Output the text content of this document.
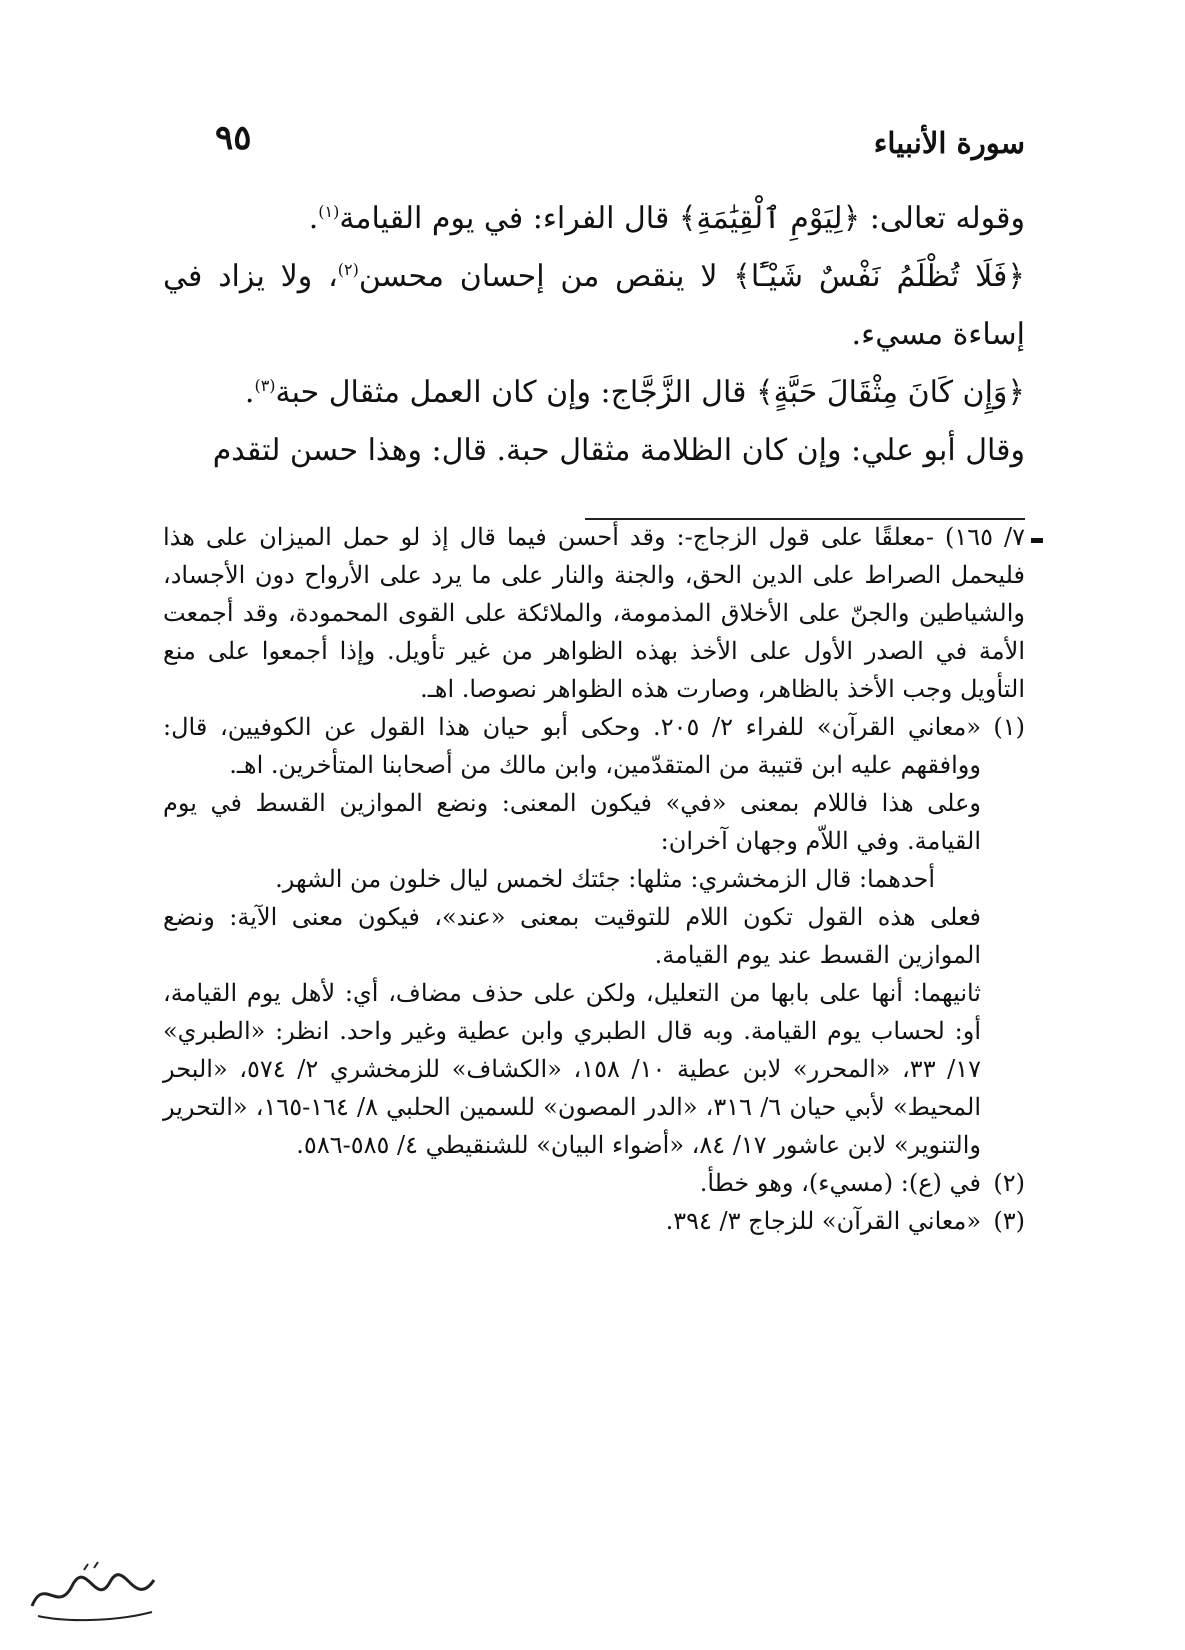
سورة الأنبياء
٩٥

وقوله تعالى: ﴿لِيَوْمِ ٱلْقِيَٰمَةِ﴾ قال الفراء: في يوم القيامة$^{(١)}$.

﴿فَلَا تُظْلَمُ نَفْسٌ شَيْـًٔا﴾ لا ينقص من إحسان محسن$^{(٢)}$، ولا يزاد في إساءة مسيء.

﴿وَإِن كَانَ مِثْقَالَ حَبَّةٍ﴾ قال الزَّجَّاج: وإن كان العمل مثقال حبة$^{(٣)}$.

وقال أبو علي: وإن كان الظلامة مثقال حبة. قال: وهذا حسن لتقدم

٧/ ١٦٥) -معلقًا على قول الزجاج-: وقد أحسن فيما قال إذ لو حمل الميزان على هذا فليحمل الصراط على الدين الحق، والجنة والنار على ما يرد على الأرواح دون الأجساد، والشياطين والجنّ على الأخلاق المذمومة، والملائكة على القوى المحمودة، وقد أجمعت الأمة في الصدر الأول على الأخذ بهذه الظواهر من غير تأويل. وإذا أجمعوا على منع التأويل وجب الأخذ بالظاهر، وصارت هذه الظواهر نصوصا. اهـ.

(١)

«معاني القرآن» للفراء ٢/ ٢٠٥. وحكى أبو حيان هذا القول عن الكوفيين، قال: ووافقهم عليه ابن قتيبة من المتقدّمين، وابن مالك من أصحابنا المتأخرين. اهـ.

وعلى هذا فاللام بمعنى «في» فيكون المعنى: ونضع الموازين القسط في يوم القيامة. وفي اللاّم وجهان آخران:

أحدهما: قال الزمخشري: مثلها: جئتك لخمس ليال خلون من الشهر.

فعلى هذه القول تكون اللام للتوقيت بمعنى «عند»، فيكون معنى الآية: ونضع الموازين القسط عند يوم القيامة.

ثانيهما: أنها على بابها من التعليل، ولكن على حذف مضاف، أي: لأهل يوم القيامة، أو: لحساب يوم القيامة. وبه قال الطبري وابن عطية وغير واحد. انظر: «الطبري» ١٧/ ٣٣، «المحرر» لابن عطية ١٠/ ١٥٨، «الكشاف» للزمخشري ٢/ ٥٧٤، «البحر المحيط» لأبي حيان ٦/ ٣١٦، «الدر المصون» للسمين الحلبي ٨/ ١٦٤-١٦٥، «التحرير والتنوير» لابن عاشور ١٧/ ٨٤، «أضواء البيان» للشنقيطي ٤/ ٥٨٥-٥٨٦.

(٢)

في (ع): (مسيء)، وهو خطأ.

(٣)

«معاني القرآن» للزجاج ٣/ ٣٩٤.
